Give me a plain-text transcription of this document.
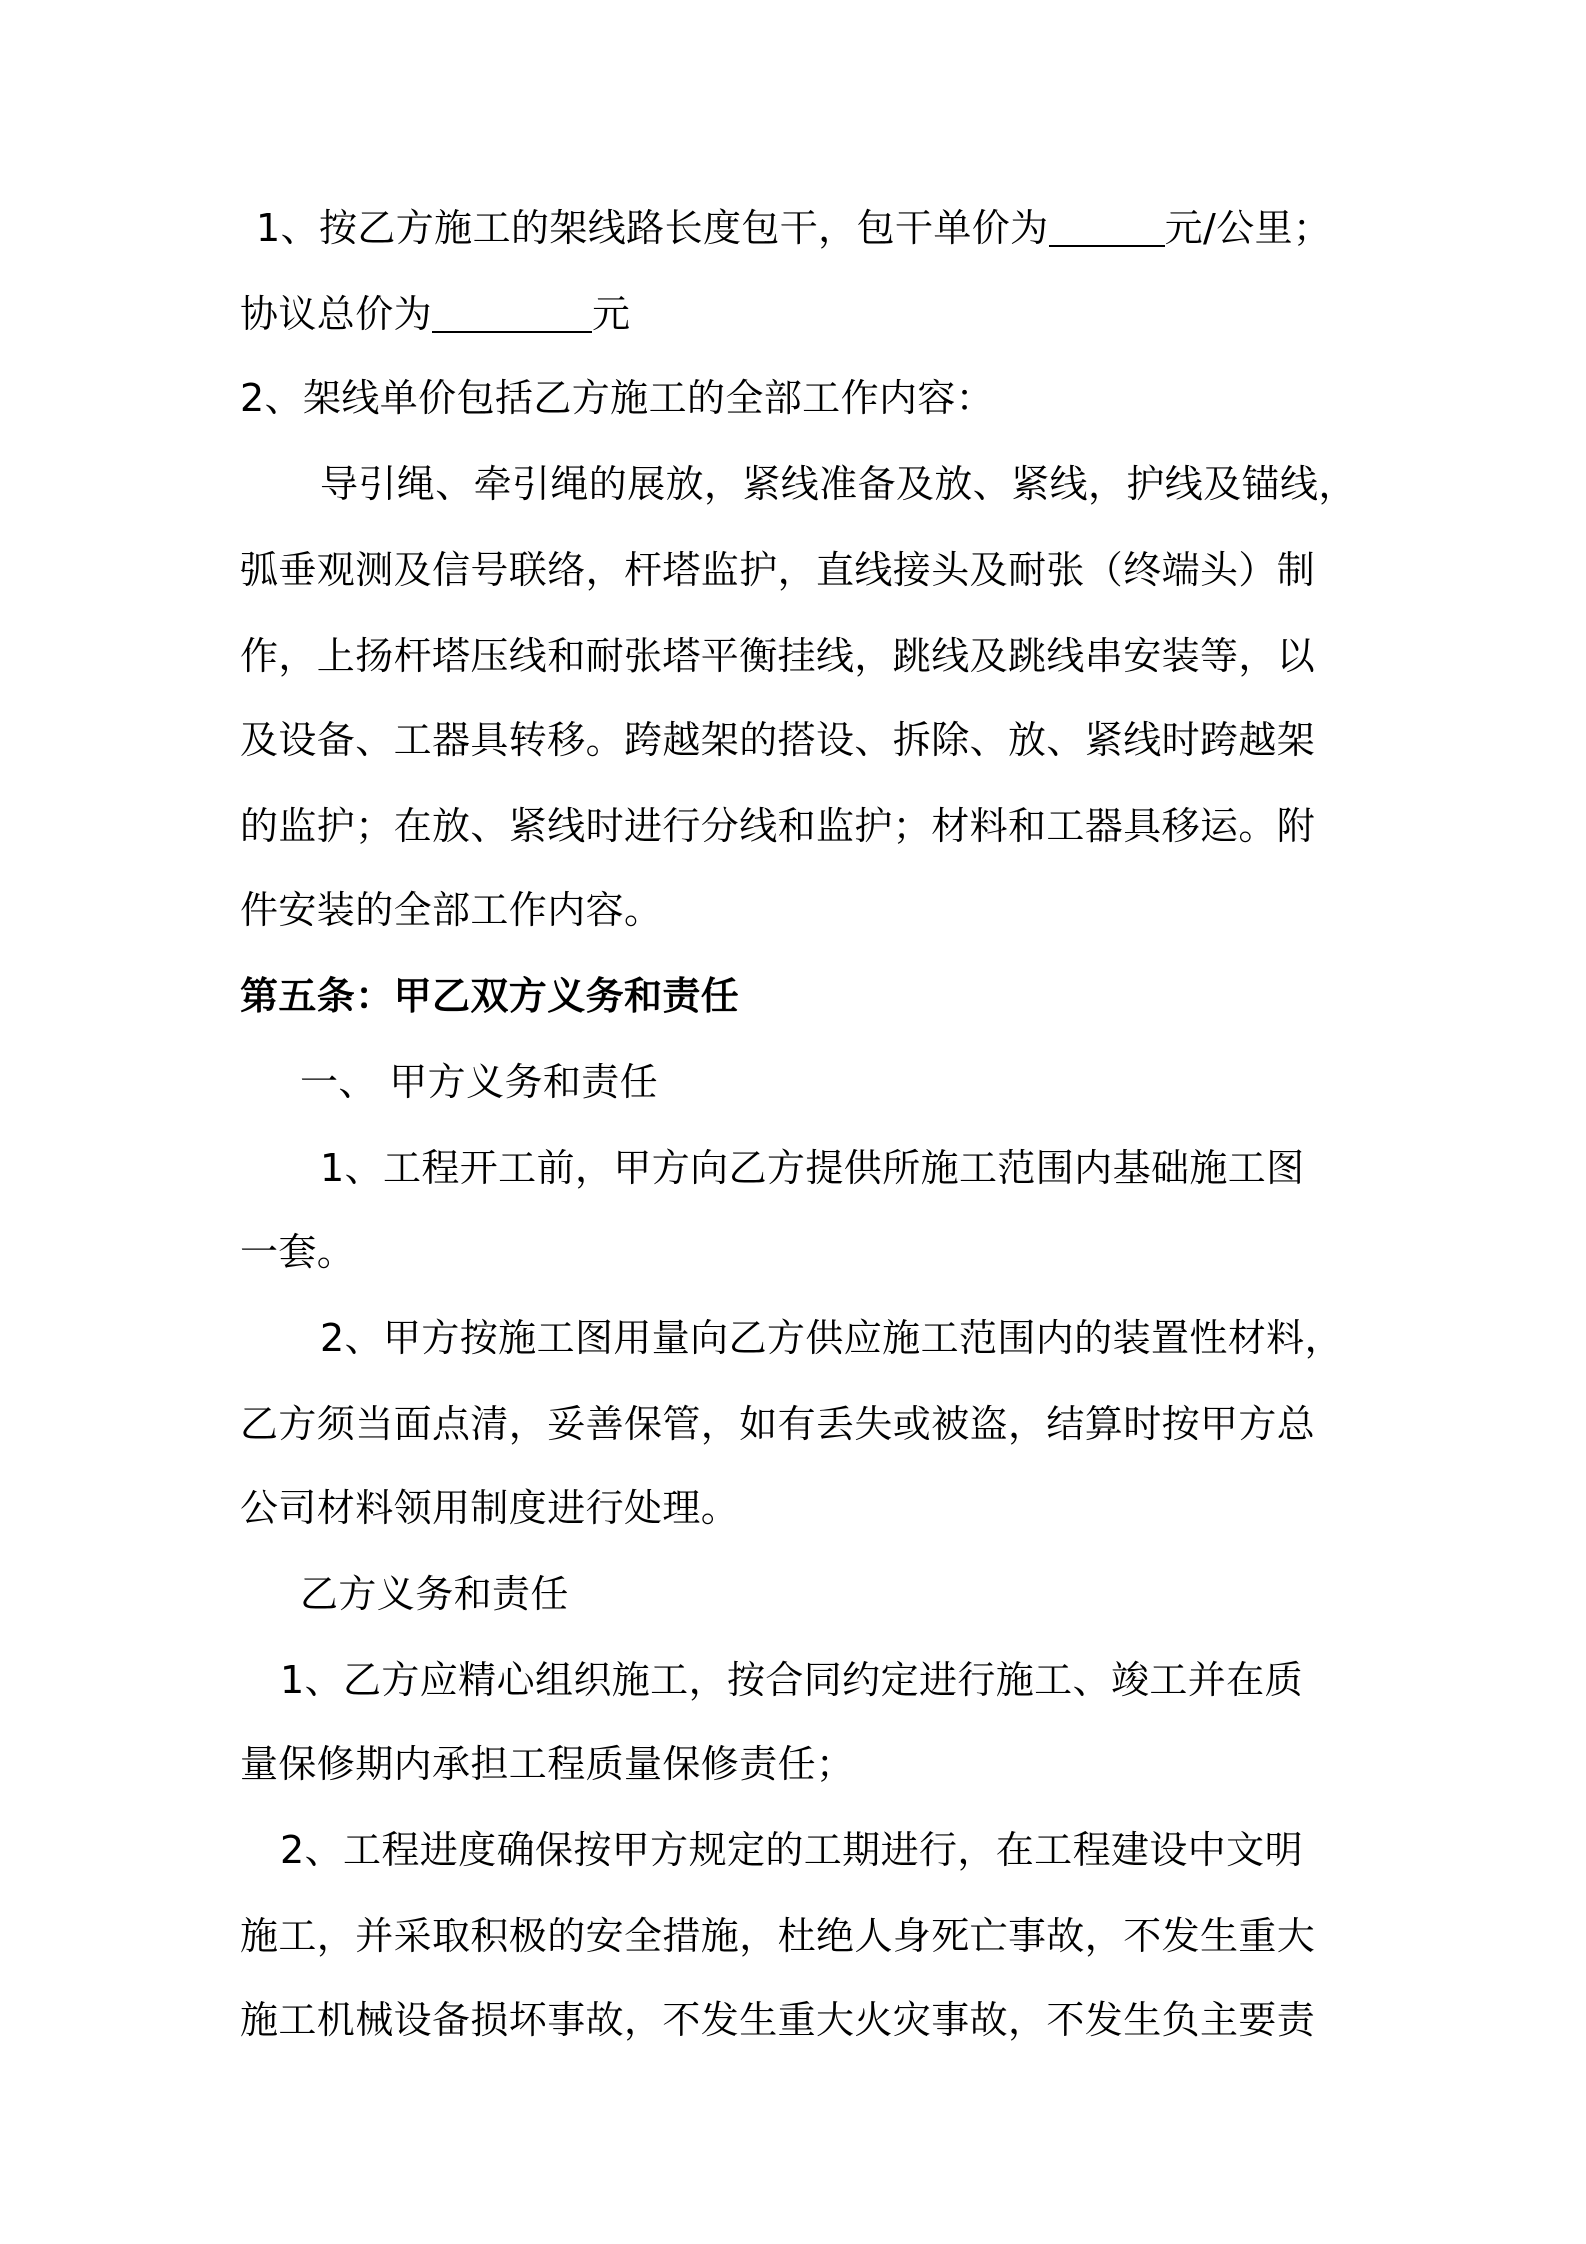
1、按乙方施工的架线路长度包干，包干单价为	元/公里；
协议总价为	元
2、架线单价包括乙方施工的全部工作内容：
导引绳、牵引绳的展放，紧线准备及放、紧线，护线及锚线，
弧垂观测及信号联络，杆塔监护，直线接头及耐张（终端头）制
作，上扬杆塔压线和耐张塔平衡挂线，跳线及跳线串安装等，以
及设备、工器具转移。跨越架的搭设、拆除、放、紧线时跨越架
的监护；在放、紧线时进行分线和监护；材料和工器具移运。附
件安装的全部工作内容。
第五条：甲乙双方义务和责任
一、 甲方义务和责任
1、工程开工前，甲方向乙方提供所施工范围内基础施工图
一套。
2、甲方按施工图用量向乙方供应施工范围内的装置性材料，
乙方须当面点清，妥善保管，如有丢失或被盗，结算时按甲方总
公司材料领用制度进行处理。
乙方义务和责任
1、乙方应精心组织施工，按合同约定进行施工、竣工并在质
量保修期内承担工程质量保修责任；
2、工程进度确保按甲方规定的工期进行，在工程建设中文明
施工，并采取积极的安全措施，杜绝人身死亡事故，不发生重大
施工机械设备损坏事故，不发生重大火灾事故，不发生负主要责
